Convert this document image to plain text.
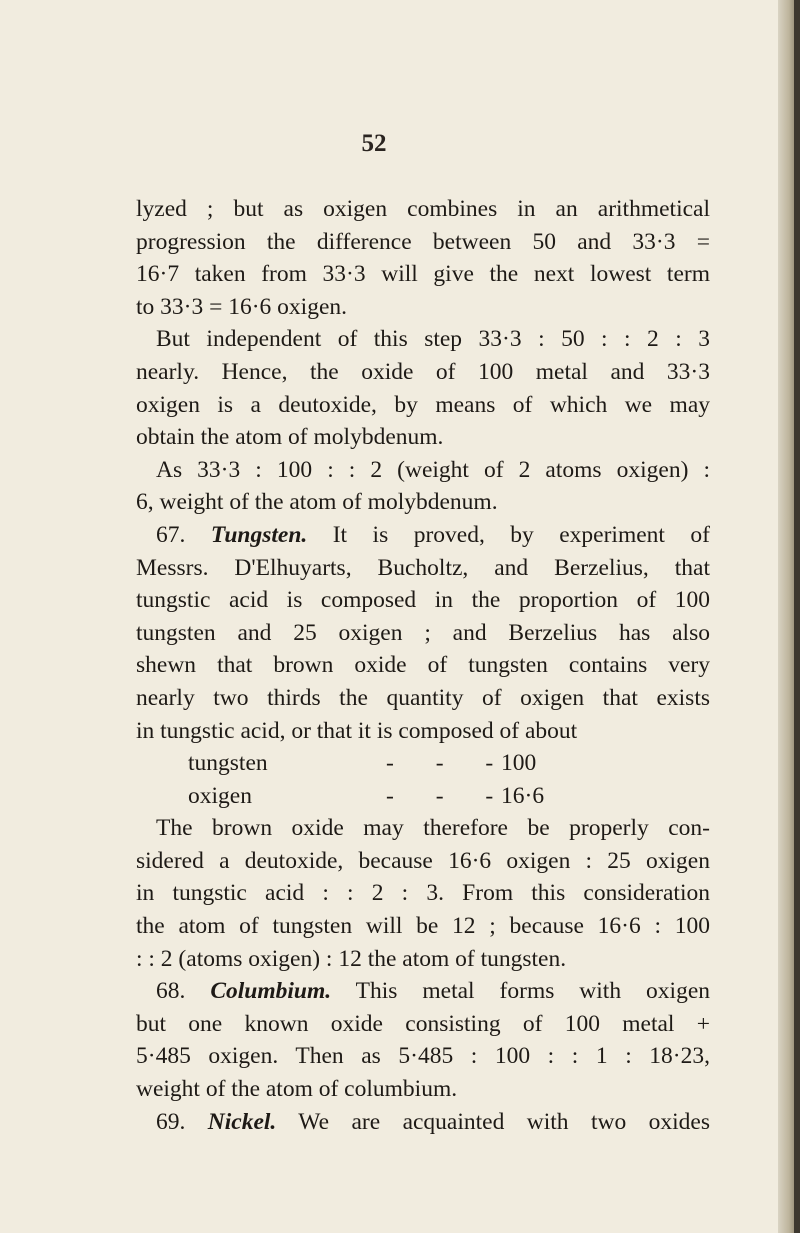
52
lyzed ; but as oxigen combines in an arithmetical
progression the difference between 50 and 33·3 =
16·7 taken from 33·3 will give the next lowest term
to 33·3 = 16·6 oxigen.
But independent of this step 33·3 : 50 : : 2 : 3
nearly. Hence, the oxide of 100 metal and 33·3
oxigen is a deutoxide, by means of which we may
obtain the atom of molybdenum.
As 33·3 : 100 : : 2 (weight of 2 atoms oxigen) :
6, weight of the atom of molybdenum.
67. Tungsten. It is proved, by experiment of
Messrs. D'Elhuyarts, Bucholtz, and Berzelius, that
tungstic acid is composed in the proportion of 100
tungsten and 25 oxigen ; and Berzelius has also
shewn that brown oxide of tungsten contains very
nearly two thirds the quantity of oxigen that exists
in tungstic acid, or that it is composed of about
tungsten	- - -100
oxigen	- - -16·6
The brown oxide may therefore be properly con-
sidered a deutoxide, because 16·6 oxigen : 25 oxigen
in tungstic acid : : 2 : 3. From this consideration
the atom of tungsten will be 12 ; because 16·6 : 100
: : 2 (atoms oxigen) : 12 the atom of tungsten.
68. Columbium. This metal forms with oxigen
but one known oxide consisting of 100 metal +
5·485 oxigen. Then as 5·485 : 100 : : 1 : 18·23,
weight of the atom of columbium.
69. Nickel. We are acquainted with two oxides
